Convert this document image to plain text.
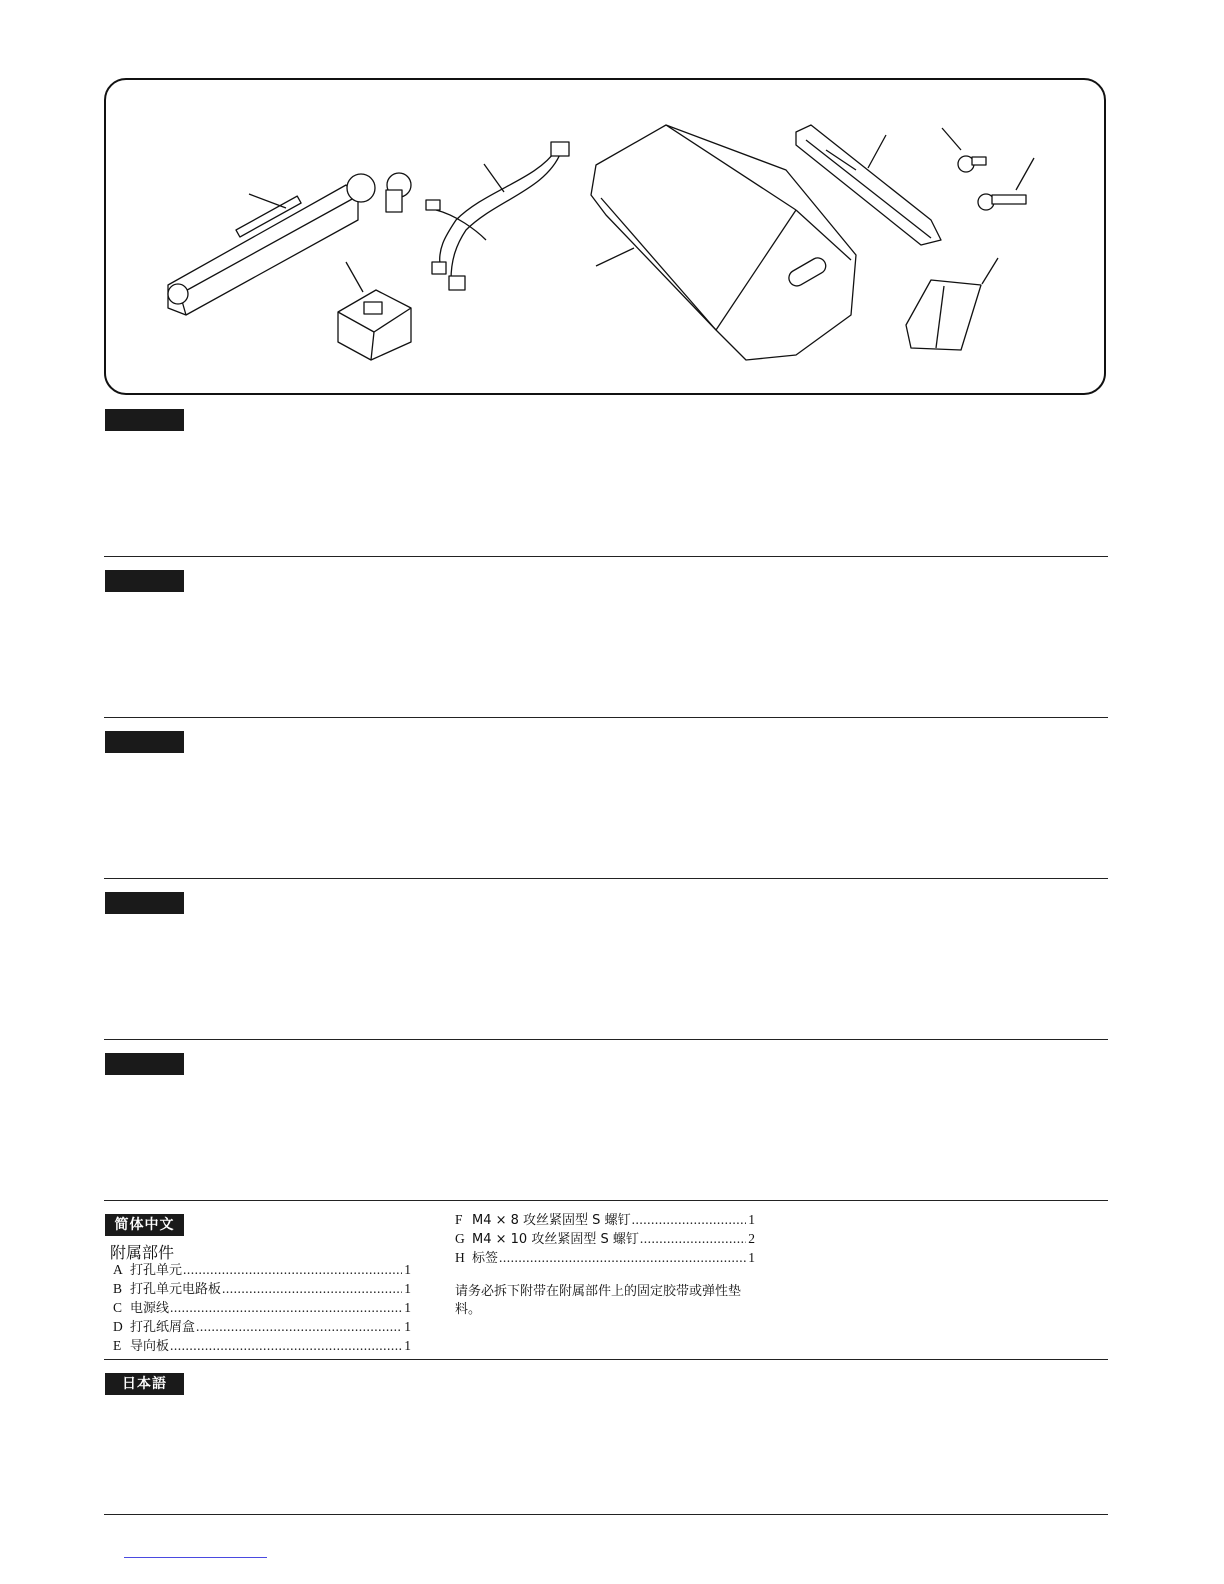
简体中文
附属部件
A 打孔单元 .....	1
B 打孔单元电路板 .....	1
C 电源线 .....	1
D 打孔纸屑盒 .....	1
E 导向板 .....	1
F M4 × 8 攻丝紧固型 S 螺钉 .....	1
G M4 × 10 攻丝紧固型 S 螺钉 .....	2
H 标签 .....	1
请务必拆下附带在附属部件上的固定胶带或弹性垫料。
日本語
